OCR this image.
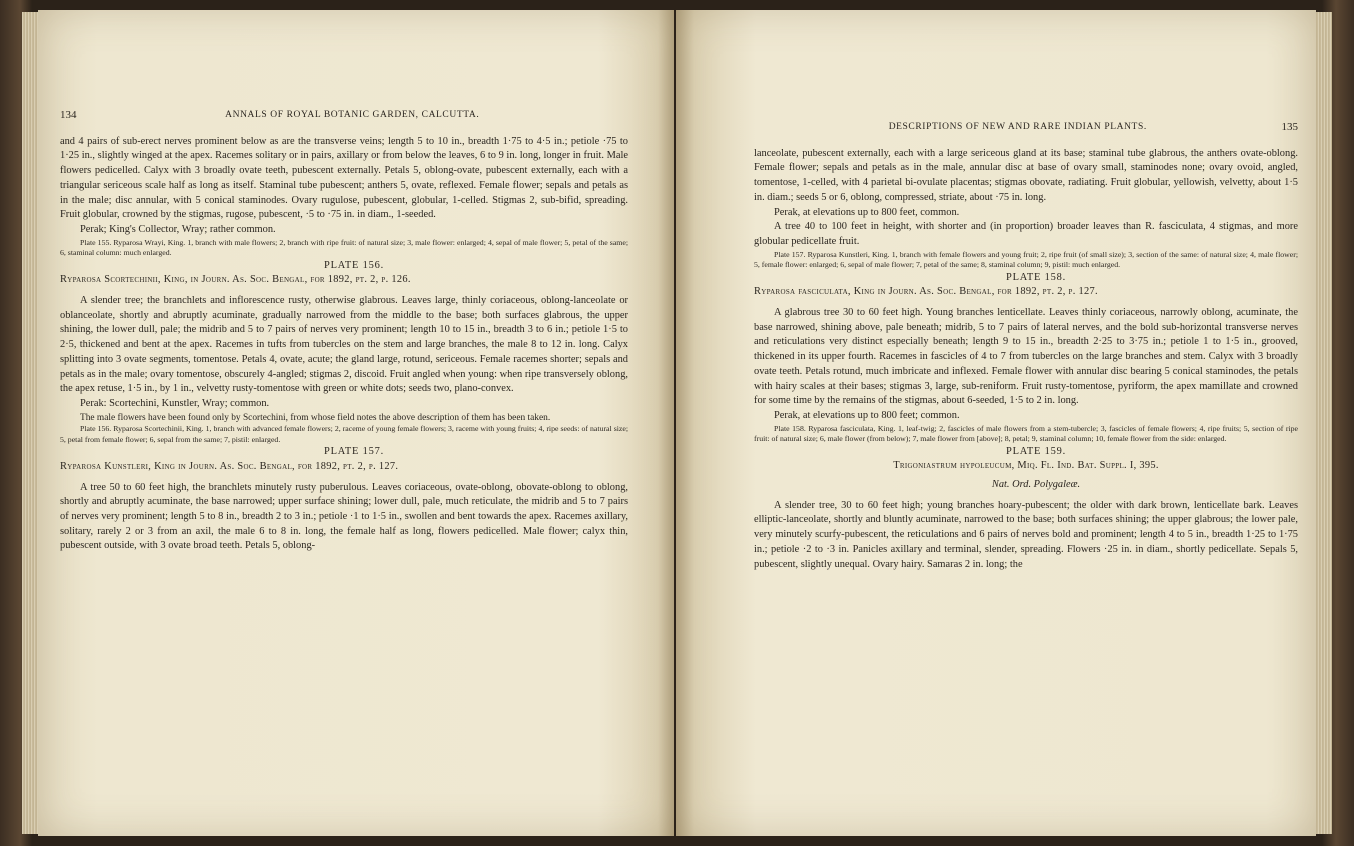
134	ANNALS OF ROYAL BOTANIC GARDEN, CALCUTTA.

and 4 pairs of sub-erect nerves prominent below as are the transverse veins; length 5 to 10 in., breadth 1·75 to 4·5 in.; petiole ·75 to 1·25 in., slightly winged at the apex. Racemes solitary or in pairs, axillary or from below the leaves, 6 to 9 in. long, longer in fruit. Male flowers pedicelled. Calyx with 3 broadly ovate teeth, pubescent externally. Petals 5, oblong-ovate, pubescent externally, each with a triangular sericeous scale half as long as itself. Staminal tube pubescent; anthers 5, ovate, reflexed. Female flower; sepals and petals as in the male; disc annular, with 5 conical staminodes. Ovary rugulose, pubescent, globular, 1-celled. Stigmas 2, sub-bifid, spreading. Fruit globular, crowned by the stigmas, rugose, pubescent, ·5 to ·75 in. in diam., 1-seeded.

Perak; King's Collector, Wray; rather common.

Plate 155. Ryparosa Wrayi, King. 1, branch with male flowers; 2, branch with ripe fruit: of natural size; 3, male flower: enlarged; 4, sepal of male flower; 5, petal of the same; 6, staminal column: much enlarged.

PLATE 156.

Ryparosa Scortechinii, King, in Journ. As. Soc. Bengal, for 1892, pt. 2, p. 126.

A slender tree; the branchlets and inflorescence rusty, otherwise glabrous. Leaves large, thinly coriaceous, oblong-lanceolate or oblanceolate, shortly and abruptly acuminate, gradually narrowed from the middle to the base; both surfaces glabrous, the upper shining, the lower dull, pale; the midrib and 5 to 7 pairs of nerves very prominent; length 10 to 15 in., breadth 3 to 6 in.; petiole 1·5 to 2·5, thickened and bent at the apex. Racemes in tufts from tubercles on the stem and large branches, the male 8 to 12 in. long. Calyx splitting into 3 ovate segments, tomentose. Petals 4, ovate, acute; the gland large, rotund, sericeous. Female racemes shorter; sepals and petals as in the male; ovary tomentose, obscurely 4-angled; stigmas 2, discoid. Fruit angled when young: when ripe transversely oblong, the apex retuse, 1·5 in., by 1 in., velvetty rusty-tomentose with green or white dots; seeds two, plano-convex.

Perak: Scortechini, Kunstler, Wray; common.

The male flowers have been found only by Scortechini, from whose field notes the above description of them has been taken.

Plate 156. Ryparosa Scortechinii, King. 1, branch with advanced female flowers; 2, raceme of young female flowers; 3, raceme with young fruits; 4, ripe seeds: of natural size; 5, petal from female flower; 6, sepal from the same; 7, pistil: enlarged.

PLATE 157.

Ryparosa Kunstleri, King in Journ. As. Soc. Bengal, for 1892, pt. 2, p. 127.

A tree 50 to 60 feet high, the branchlets minutely rusty puberulous. Leaves coriaceous, ovate-oblong, obovate-oblong to oblong, shortly and abruptly acuminate, the base narrowed; upper surface shining; lower dull, pale, much reticulate, the midrib and 5 to 7 pairs of nerves very prominent; length 5 to 8 in., breadth 2 to 3 in.; petiole ·1 to 1·5 in., swollen and bent towards the apex. Racemes axillary, solitary, rarely 2 or 3 from an axil, the male 6 to 8 in. long, the female half as long, flowers pedicelled. Male flower; calyx thin, pubescent outside, with 3 ovate broad teeth. Petals 5, oblong-

DESCRIPTIONS OF NEW AND RARE INDIAN PLANTS.	135

lanceolate, pubescent externally, each with a large sericeous gland at its base; staminal tube glabrous, the anthers ovate-oblong. Female flower; sepals and petals as in the male, annular disc at base of ovary small, staminodes none; ovary ovoid, angled, tomentose, 1-celled, with 4 parietal bi-ovulate placentas; stigmas obovate, radiating. Fruit globular, yellowish, velvetty, about 1·5 in. diam.; seeds 5 or 6, oblong, compressed, striate, about ·75 in. long.

Perak, at elevations up to 800 feet, common.

A tree 40 to 100 feet in height, with shorter and (in proportion) broader leaves than R. fasciculata, 4 stigmas, and more globular pedicellate fruit.

Plate 157. Ryparosa Kunstleri, King. 1, branch with female flowers and young fruit; 2, ripe fruit (of small size); 3, section of the same: of natural size; 4, male flower; 5, female flower: enlarged; 6, sepal of male flower; 7, petal of the same; 8, staminal column; 9, pistil: much enlarged.

PLATE 158.

Ryparosa fasciculata, King in Journ. As. Soc. Bengal, for 1892, pt. 2, p. 127.

A glabrous tree 30 to 60 feet high. Young branches lenticellate. Leaves thinly coriaceous, narrowly oblong, acuminate, the base narrowed, shining above, pale beneath; midrib, 5 to 7 pairs of lateral nerves, and the bold sub-horizontal transverse nerves and reticulations very distinct especially beneath; length 9 to 15 in., breadth 2·25 to 3·75 in.; petiole 1 to 1·5 in., grooved, thickened in its upper fourth. Racemes in fascicles of 4 to 7 from tubercles on the large branches and stem. Calyx with 3 broadly ovate teeth. Petals rotund, much imbricate and inflexed. Female flower with annular disc bearing 5 conical staminodes, the petals with hairy scales at their bases; stigmas 3, large, sub-reniform. Fruit rusty-tomentose, pyriform, the apex mamillate and crowned for some time by the remains of the stigmas, about 6-seeded, 1·5 to 2 in. long.

Perak, at elevations up to 800 feet; common.

Plate 158. Ryparosa fasciculata, King. 1, leaf-twig; 2, fascicles of male flowers from a stem-tubercle; 3, fascicles of female flowers; 4, ripe fruits; 5, section of ripe fruit: of natural size; 6, male flower (from below); 7, male flower from [above]; 8, petal; 9, staminal column; 10, female flower from the side: enlarged.

PLATE 159.

Trigoniastrum hypoleucum, Miq. Fl. Ind. Bat. Suppl. I, 395.

Nat. Ord. Polygaleæ.

A slender tree, 30 to 60 feet high; young branches hoary-pubescent; the older with dark brown, lenticellate bark. Leaves elliptic-lanceolate, shortly and bluntly acuminate, narrowed to the base; both surfaces shining; the upper glabrous; the lower pale, very minutely scurfy-pubescent, the reticulations and 6 pairs of nerves bold and prominent; length 4 to 5 in., breadth 1·25 to 1·75 in.; petiole ·2 to ·3 in. Panicles axillary and terminal, slender, spreading. Flowers ·25 in. in diam., shortly pedicellate. Sepals 5, pubescent, slightly unequal. Ovary hairy. Samaras 2 in. long; the
